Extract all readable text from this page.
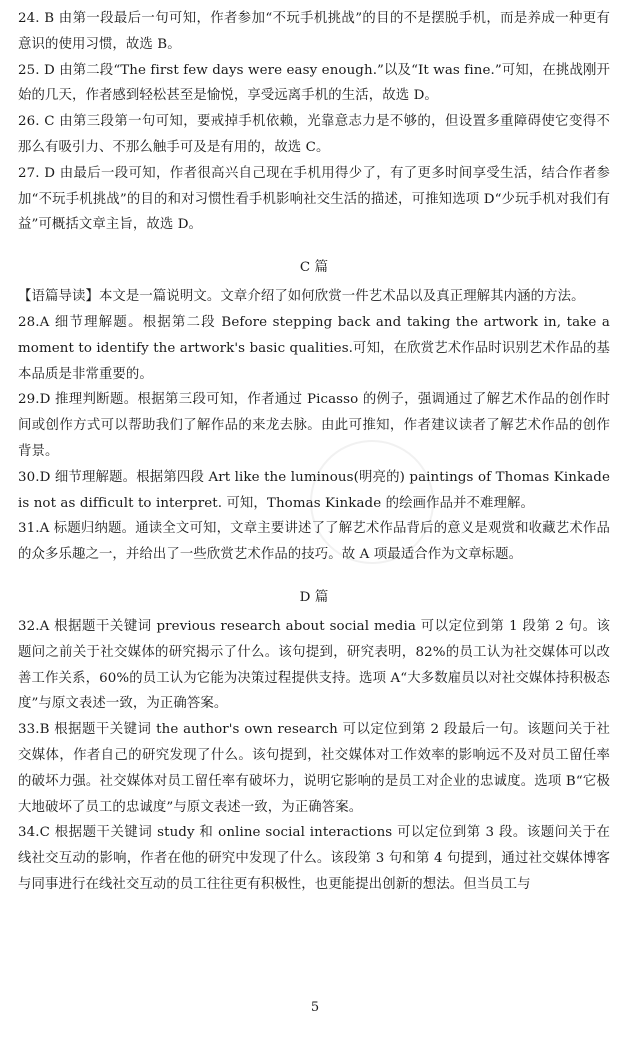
24. B 由第一段最后一句可知，作者参加“不玩手机挑战”的目的不是摆脱手机，而是养成一种更有意识的使用习惯，故选 B。

25. D 由第二段“The first few days were easy enough.”以及“It was fine.”可知，在挑战刚开始的几天，作者感到轻松甚至是愉悦，享受远离手机的生活，故选 D。

26. C 由第三段第一句可知，要戒掉手机依赖，光靠意志力是不够的，但设置多重障碍使它变得不那么有吸引力、不那么触手可及是有用的，故选 C。

27. D 由最后一段可知，作者很高兴自己现在手机用得少了，有了更多时间享受生活，结合作者参加“不玩手机挑战”的目的和对习惯性看手机影响社交生活的描述，可推知选项 D“少玩手机对我们有益”可概括文章主旨，故选 D。

C 篇

【语篇导读】本文是一篇说明文。文章介绍了如何欣赏一件艺术品以及真正理解其内涵的方法。

28.A 细节理解题。根据第二段 Before stepping back and taking the artwork in, take a moment to identify the artwork's basic qualities.可知，在欣赏艺术作品时识别艺术作品的基本品质是非常重要的。

29.D 推理判断题。根据第三段可知，作者通过 Picasso 的例子，强调通过了解艺术作品的创作时间或创作方式可以帮助我们了解作品的来龙去脉。由此可推知，作者建议读者了解艺术作品的创作背景。

30.D 细节理解题。根据第四段 Art like the luminous(明亮的) paintings of Thomas Kinkade is not as difficult to interpret. 可知，Thomas Kinkade 的绘画作品并不难理解。

31.A 标题归纳题。通读全文可知，文章主要讲述了了解艺术作品背后的意义是观赏和收藏艺术作品的众多乐趣之一，并给出了一些欣赏艺术作品的技巧。故 A 项最适合作为文章标题。

D 篇

32.A 根据题干关键词 previous research about social media 可以定位到第 1 段第 2 句。该题问之前关于社交媒体的研究揭示了什么。该句提到，研究表明，82%的员工认为社交媒体可以改善工作关系，60%的员工认为它能为决策过程提供支持。选项 A“大多数雇员以对社交媒体持积极态度”与原文表述一致，为正确答案。

33.B 根据题干关键词 the author's own research 可以定位到第 2 段最后一句。该题问关于社交媒体，作者自己的研究发现了什么。该句提到，社交媒体对工作效率的影响远不及对员工留任率的破坏力强。社交媒体对员工留任率有破坏力，说明它影响的是员工对企业的忠诚度。选项 B“它极大地破坏了员工的忠诚度”与原文表述一致，为正确答案。

34.C 根据题干关键词 study 和 online social interactions 可以定位到第 3 段。该题问关于在线社交互动的影响，作者在他的研究中发现了什么。该段第 3 句和第 4 句提到，通过社交媒体博客与同事进行在线社交互动的员工往往更有积极性，也更能提出创新的想法。但当员工与

5
